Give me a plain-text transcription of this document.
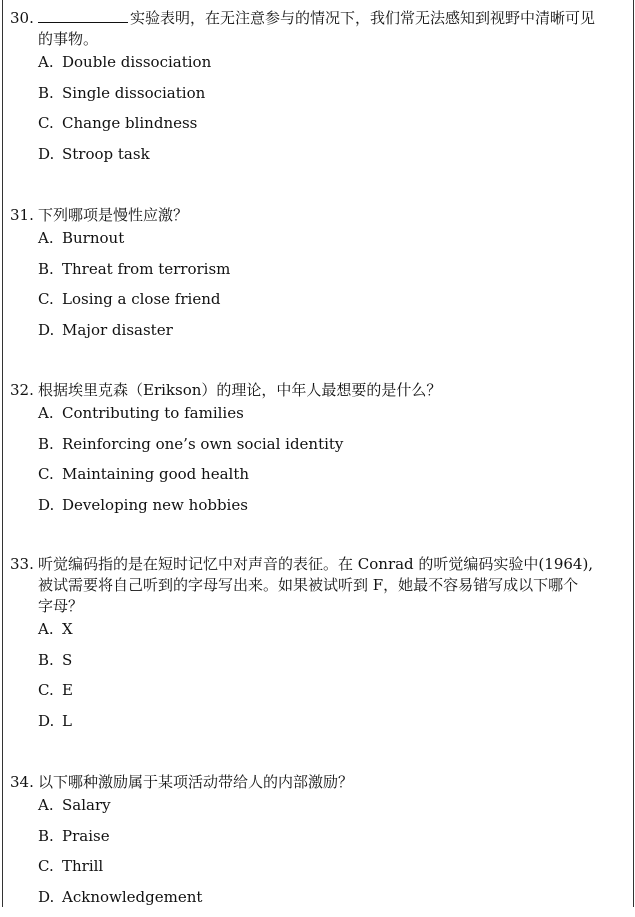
30.	实验表明，在无注意参与的情况下，我们常无法感知到视野中清晰可见
的事物。
A. Double dissociation
B. Single dissociation
C. Change blindness
D. Stroop task
31. 下列哪项是慢性应激？
A. Burnout
B. Threat from terrorism
C. Losing a close friend
D. Major disaster
32. 根据埃里克森（Erikson）的理论，中年人最想要的是什么？
A. Contributing to families
B. Reinforcing one’s own social identity
C. Maintaining good health
D. Developing new hobbies
33. 听觉编码指的是在短时记忆中对声音的表征。在 Conrad 的听觉编码实验中(1964),
被试需要将自己听到的字母写出来。如果被试听到 F，她最不容易错写成以下哪个
字母？
A. X
B. S
C. E
D. L
34. 以下哪种激励属于某项活动带给人的内部激励？
A. Salary
B. Praise
C. Thrill
D. Acknowledgement
